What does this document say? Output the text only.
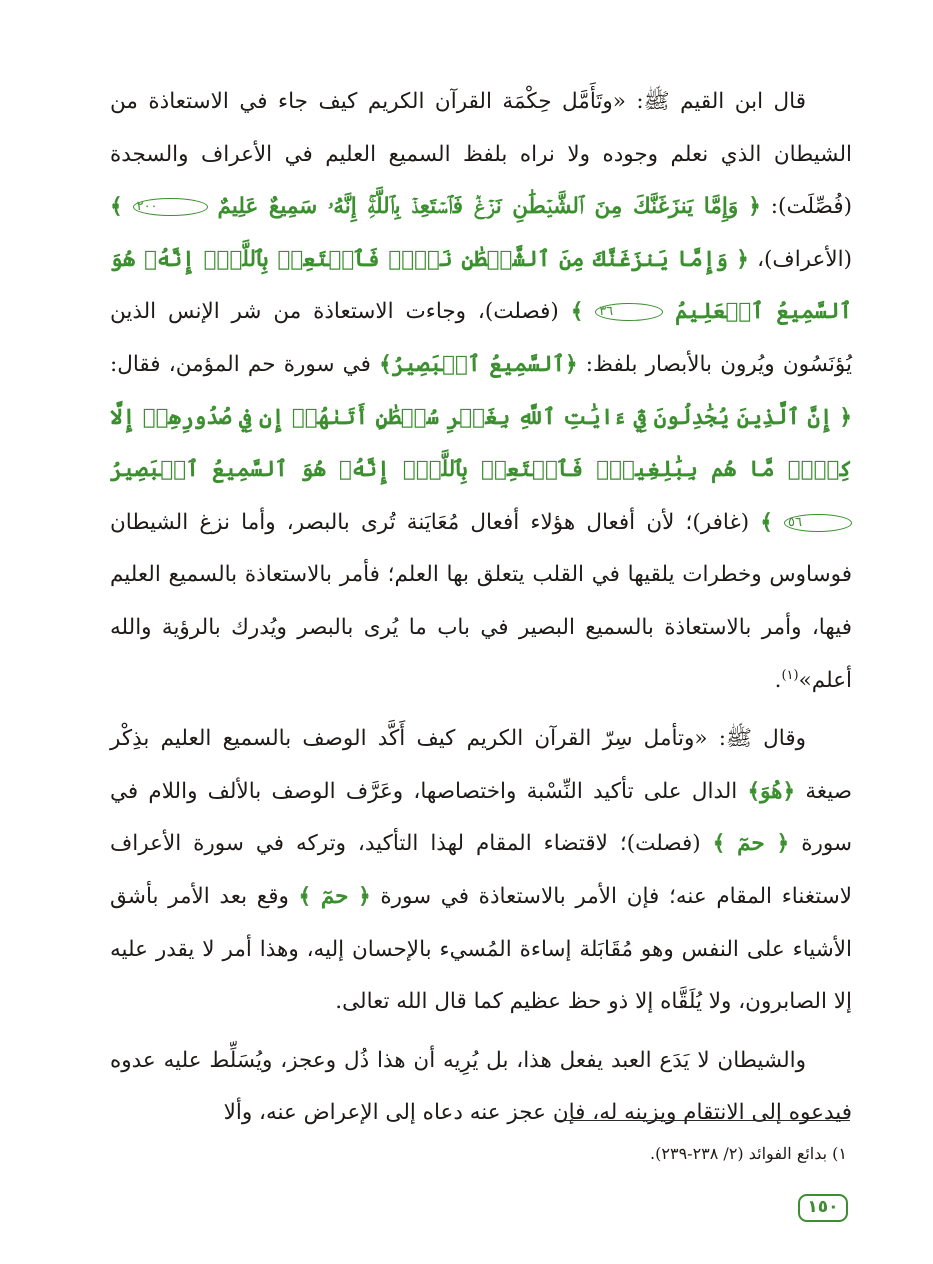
قال ابن القيم ﷺ: «وتَأَمَّل حِكْمَة القرآن الكريم كيف جاء في الاستعاذة من الشيطان الذي نعلم وجوده ولا نراه بلفظ السميع العليم في الأعراف والسجدة (فُصِّلَت): ﴿ وَإِمَّا يَنزَغَنَّكَ مِنَ ٱلشَّيۡطَٰنِ نَزۡغٞ فَٱسۡتَعِذۡ بِٱللَّهِۚ إِنَّهُۥ سَمِيعٌ عَلِيمٌ ٢٠٠ ﴾ (الأعراف)، ﴿ وَإِمَّا يَنزَغَنَّكَ مِنَ ٱلشَّيۡطَٰنِ نَزۡغٞ فَٱسۡتَعِذۡ بِٱللَّهِۖ إِنَّهُۥ هُوَ ٱلسَّمِيعُ ٱلۡعَلِيمُ ٣٦ ﴾ (فصلت)، وجاءت الاستعاذة من شر الإنس الذين يُؤنَسُون ويُرون بالأبصار بلفظ: ﴿ٱلسَّمِيعُ ٱلۡبَصِيرُ﴾ في سورة حم المؤمن، فقال: ﴿ إِنَّ ٱلَّذِينَ يُجَٰدِلُونَ فِيٓ ءَايَٰتِ ٱللَّهِ بِغَيۡرِ سُلۡطَٰنٍ أَتَىٰهُمۡ إِن فِي صُدُورِهِمۡ إِلَّا كِبۡرٞ مَّا هُم بِبَٰلِغِيهِۚ فَٱسۡتَعِذۡ بِٱللَّهِۖ إِنَّهُۥ هُوَ ٱلسَّمِيعُ ٱلۡبَصِيرُ ٥٦ ﴾ (غافر)؛ لأن أفعال هؤلاء أفعال مُعَايَنة تُرى بالبصر، وأما نزغ الشيطان فوساوس وخطرات يلقيها في القلب يتعلق بها العلم؛ فأمر بالاستعاذة بالسميع العليم فيها، وأمر بالاستعاذة بالسميع البصير في باب ما يُرى بالبصر ويُدرك بالرؤية والله أعلم»$^{(١)}$.

وقال ﷺ: «وتأمل سِرّ القرآن الكريم كيف أَكَّد الوصف بالسميع العليم بذِكْر صيغة ﴿هُوَ﴾ الدال على تأكيد النِّسْبة واختصاصها، وعَرَّف الوصف بالألف واللام في سورة ﴿ حمٓ ﴾ (فصلت)؛ لاقتضاء المقام لهذا التأكيد، وتركه في سورة الأعراف لاستغناء المقام عنه؛ فإن الأمر بالاستعاذة في سورة ﴿ حمٓ ﴾ وقع بعد الأمر بأشق الأشياء على النفس وهو مُقَابَلة إساءة المُسيء بالإحسان إليه، وهذا أمر لا يقدر عليه إلا الصابرون، ولا يُلَقَّاه إلا ذو حظ عظيم كما قال الله تعالى.

والشيطان لا يَدَع العبد يفعل هذا، بل يُرِيه أن هذا ذُل وعجز، ويُسَلِّط عليه عدوه فيدعوه إلى الانتقام ويزينه له، فإن عجز عنه دعاه إلى الإعراض عنه، وألا

١) بدائع الفوائد (٢/ ٢٣٨-٢٣٩).
١٥٠
